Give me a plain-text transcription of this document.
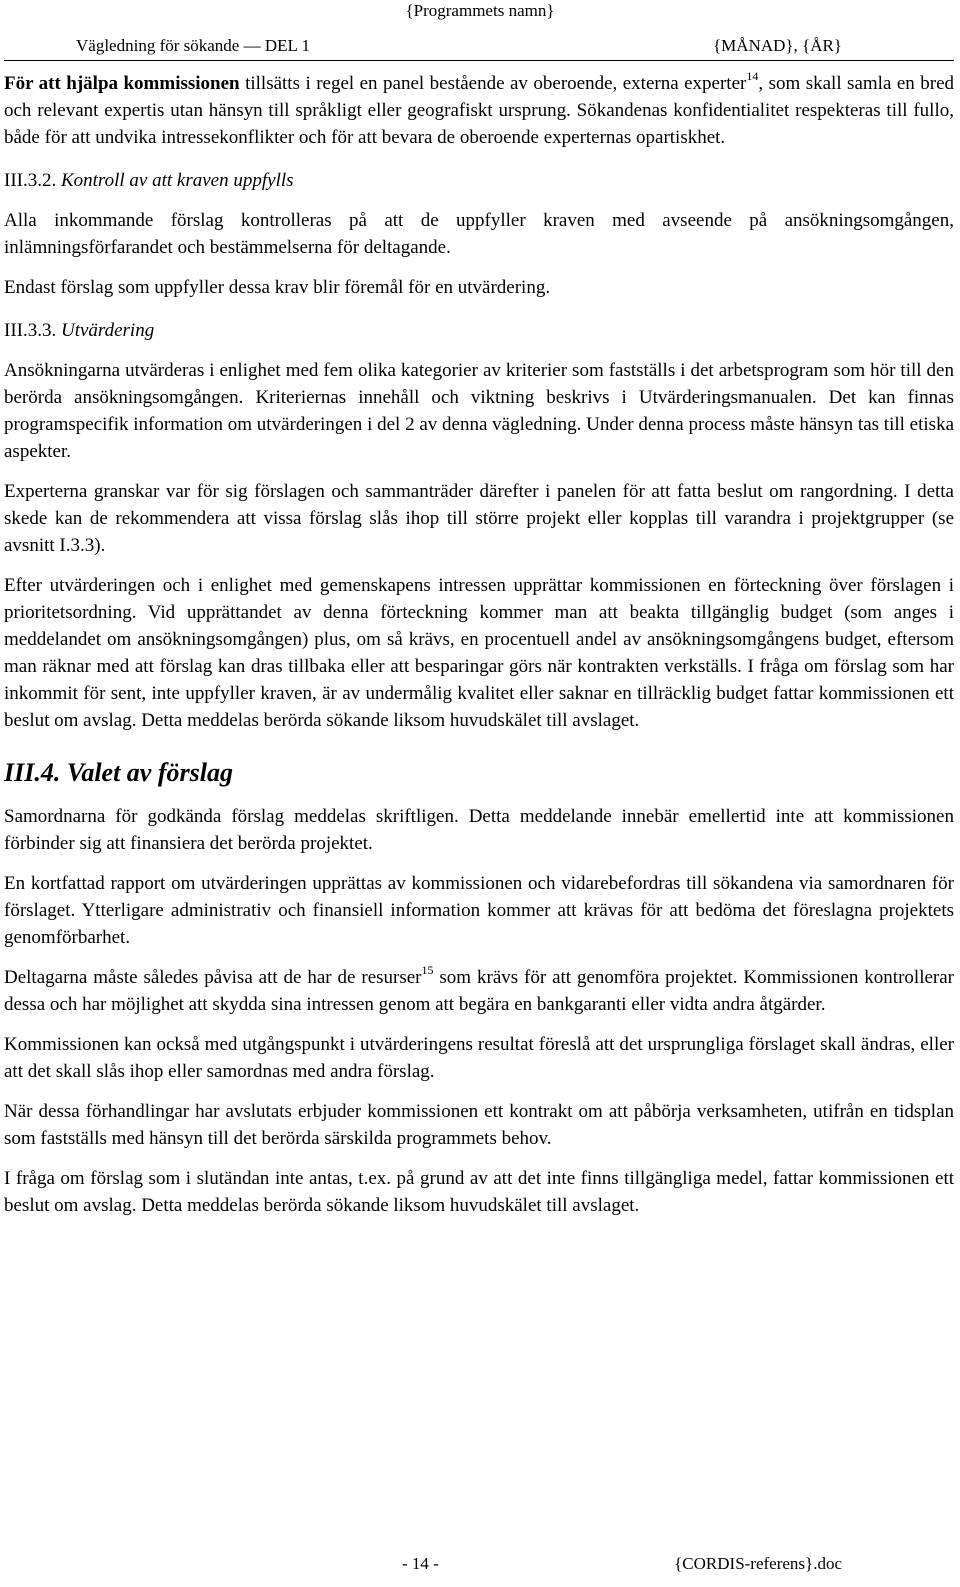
{Programmets namn}
Vägledning för sökande — DEL 1	{MÅNAD}, {ÅR}

För att hjälpa kommissionen tillsätts i regel en panel bestående av oberoende, externa experter$^{14}$, som skall samla en bred och relevant expertis utan hänsyn till språkligt eller geografiskt ursprung. Sökandenas konfidentialitet respekteras till fullo, både för att undvika intressekonflikter och för att bevara de oberoende experternas opartiskhet.

III.3.2. Kontroll av att kraven uppfylls

Alla inkommande förslag kontrolleras på att de uppfyller kraven med avseende på ansökningsomgången, inlämningsförfarandet och bestämmelserna för deltagande.

Endast förslag som uppfyller dessa krav blir föremål för en utvärdering.

III.3.3. Utvärdering

Ansökningarna utvärderas i enlighet med fem olika kategorier av kriterier som fastställs i det arbetsprogram som hör till den berörda ansökningsomgången. Kriteriernas innehåll och viktning beskrivs i Utvärderingsmanualen. Det kan finnas programspecifik information om utvärderingen i del 2 av denna vägledning. Under denna process måste hänsyn tas till etiska aspekter.

Experterna granskar var för sig förslagen och sammanträder därefter i panelen för att fatta beslut om rangordning. I detta skede kan de rekommendera att vissa förslag slås ihop till större projekt eller kopplas till varandra i projektgrupper (se avsnitt I.3.3).

Efter utvärderingen och i enlighet med gemenskapens intressen upprättar kommissionen en förteckning över förslagen i prioritetsordning. Vid upprättandet av denna förteckning kommer man att beakta tillgänglig budget (som anges i meddelandet om ansökningsomgången) plus, om så krävs, en procentuell andel av ansökningsomgångens budget, eftersom man räknar med att förslag kan dras tillbaka eller att besparingar görs när kontrakten verkställs. I fråga om förslag som har inkommit för sent, inte uppfyller kraven, är av undermålig kvalitet eller saknar en tillräcklig budget fattar kommissionen ett beslut om avslag. Detta meddelas berörda sökande liksom huvudskälet till avslaget.

III.4. Valet av förslag

Samordnarna för godkända förslag meddelas skriftligen. Detta meddelande innebär emellertid inte att kommissionen förbinder sig att finansiera det berörda projektet.

En kortfattad rapport om utvärderingen upprättas av kommissionen och vidarebefordras till sökandena via samordnaren för förslaget. Ytterligare administrativ och finansiell information kommer att krävas för att bedöma det föreslagna projektets genomförbarhet.

Deltagarna måste således påvisa att de har de resurser$^{15}$ som krävs för att genomföra projektet. Kommissionen kontrollerar dessa och har möjlighet att skydda sina intressen genom att begära en bankgaranti eller vidta andra åtgärder.

Kommissionen kan också med utgångspunkt i utvärderingens resultat föreslå att det ursprungliga förslaget skall ändras, eller att det skall slås ihop eller samordnas med andra förslag.

När dessa förhandlingar har avslutats erbjuder kommissionen ett kontrakt om att påbörja verksamheten, utifrån en tidsplan som fastställs med hänsyn till det berörda särskilda programmets behov.

I fråga om förslag som i slutändan inte antas, t.ex. på grund av att det inte finns tillgängliga medel, fattar kommissionen ett beslut om avslag. Detta meddelas berörda sökande liksom huvudskälet till avslaget.

- 14 -	{CORDIS-referens}.doc
